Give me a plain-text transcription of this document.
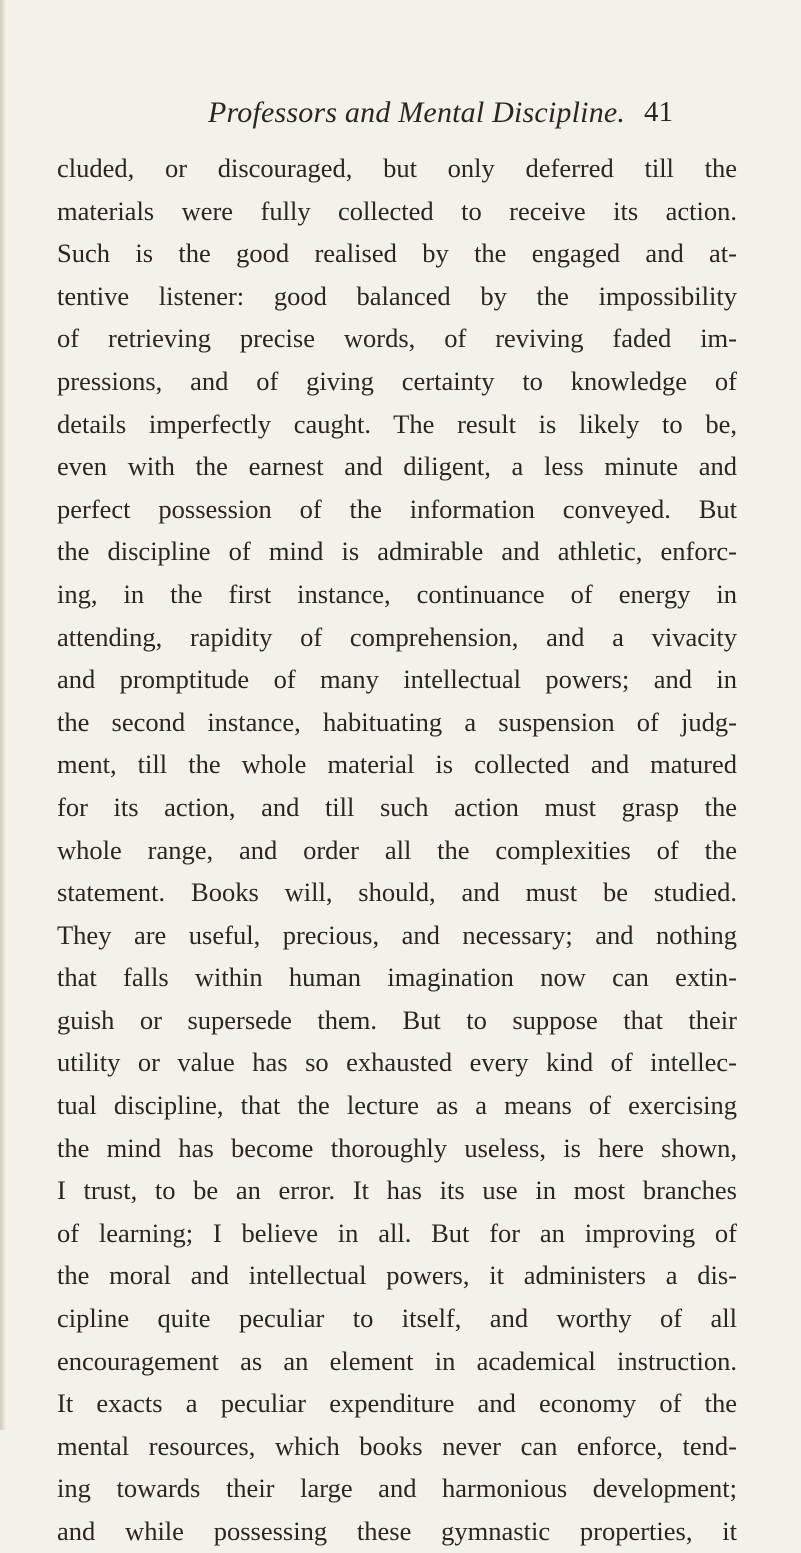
Professors and Mental Discipline. 41
cluded, or discouraged, but only deferred till the
materials were fully collected to receive its action.
Such is the good realised by the engaged and at-
tentive listener: good balanced by the impossibility
of retrieving precise words, of reviving faded im-
pressions, and of giving certainty to knowledge of
details imperfectly caught. The result is likely to be,
even with the earnest and diligent, a less minute and
perfect possession of the information conveyed. But
the discipline of mind is admirable and athletic, enforc-
ing, in the first instance, continuance of energy in
attending, rapidity of comprehension, and a vivacity
and promptitude of many intellectual powers; and in
the second instance, habituating a suspension of judg-
ment, till the whole material is collected and matured
for its action, and till such action must grasp the
whole range, and order all the complexities of the
statement. Books will, should, and must be studied.
They are useful, precious, and necessary; and nothing
that falls within human imagination now can extin-
guish or supersede them. But to suppose that their
utility or value has so exhausted every kind of intellec-
tual discipline, that the lecture as a means of exercising
the mind has become thoroughly useless, is here shown,
I trust, to be an error. It has its use in most branches
of learning; I believe in all. But for an improving of
the moral and intellectual powers, it administers a dis-
cipline quite peculiar to itself, and worthy of all
encouragement as an element in academical instruction.
It exacts a peculiar expenditure and economy of the
mental resources, which books never can enforce, tend-
ing towards their large and harmonious development;
and while possessing these gymnastic properties, it
